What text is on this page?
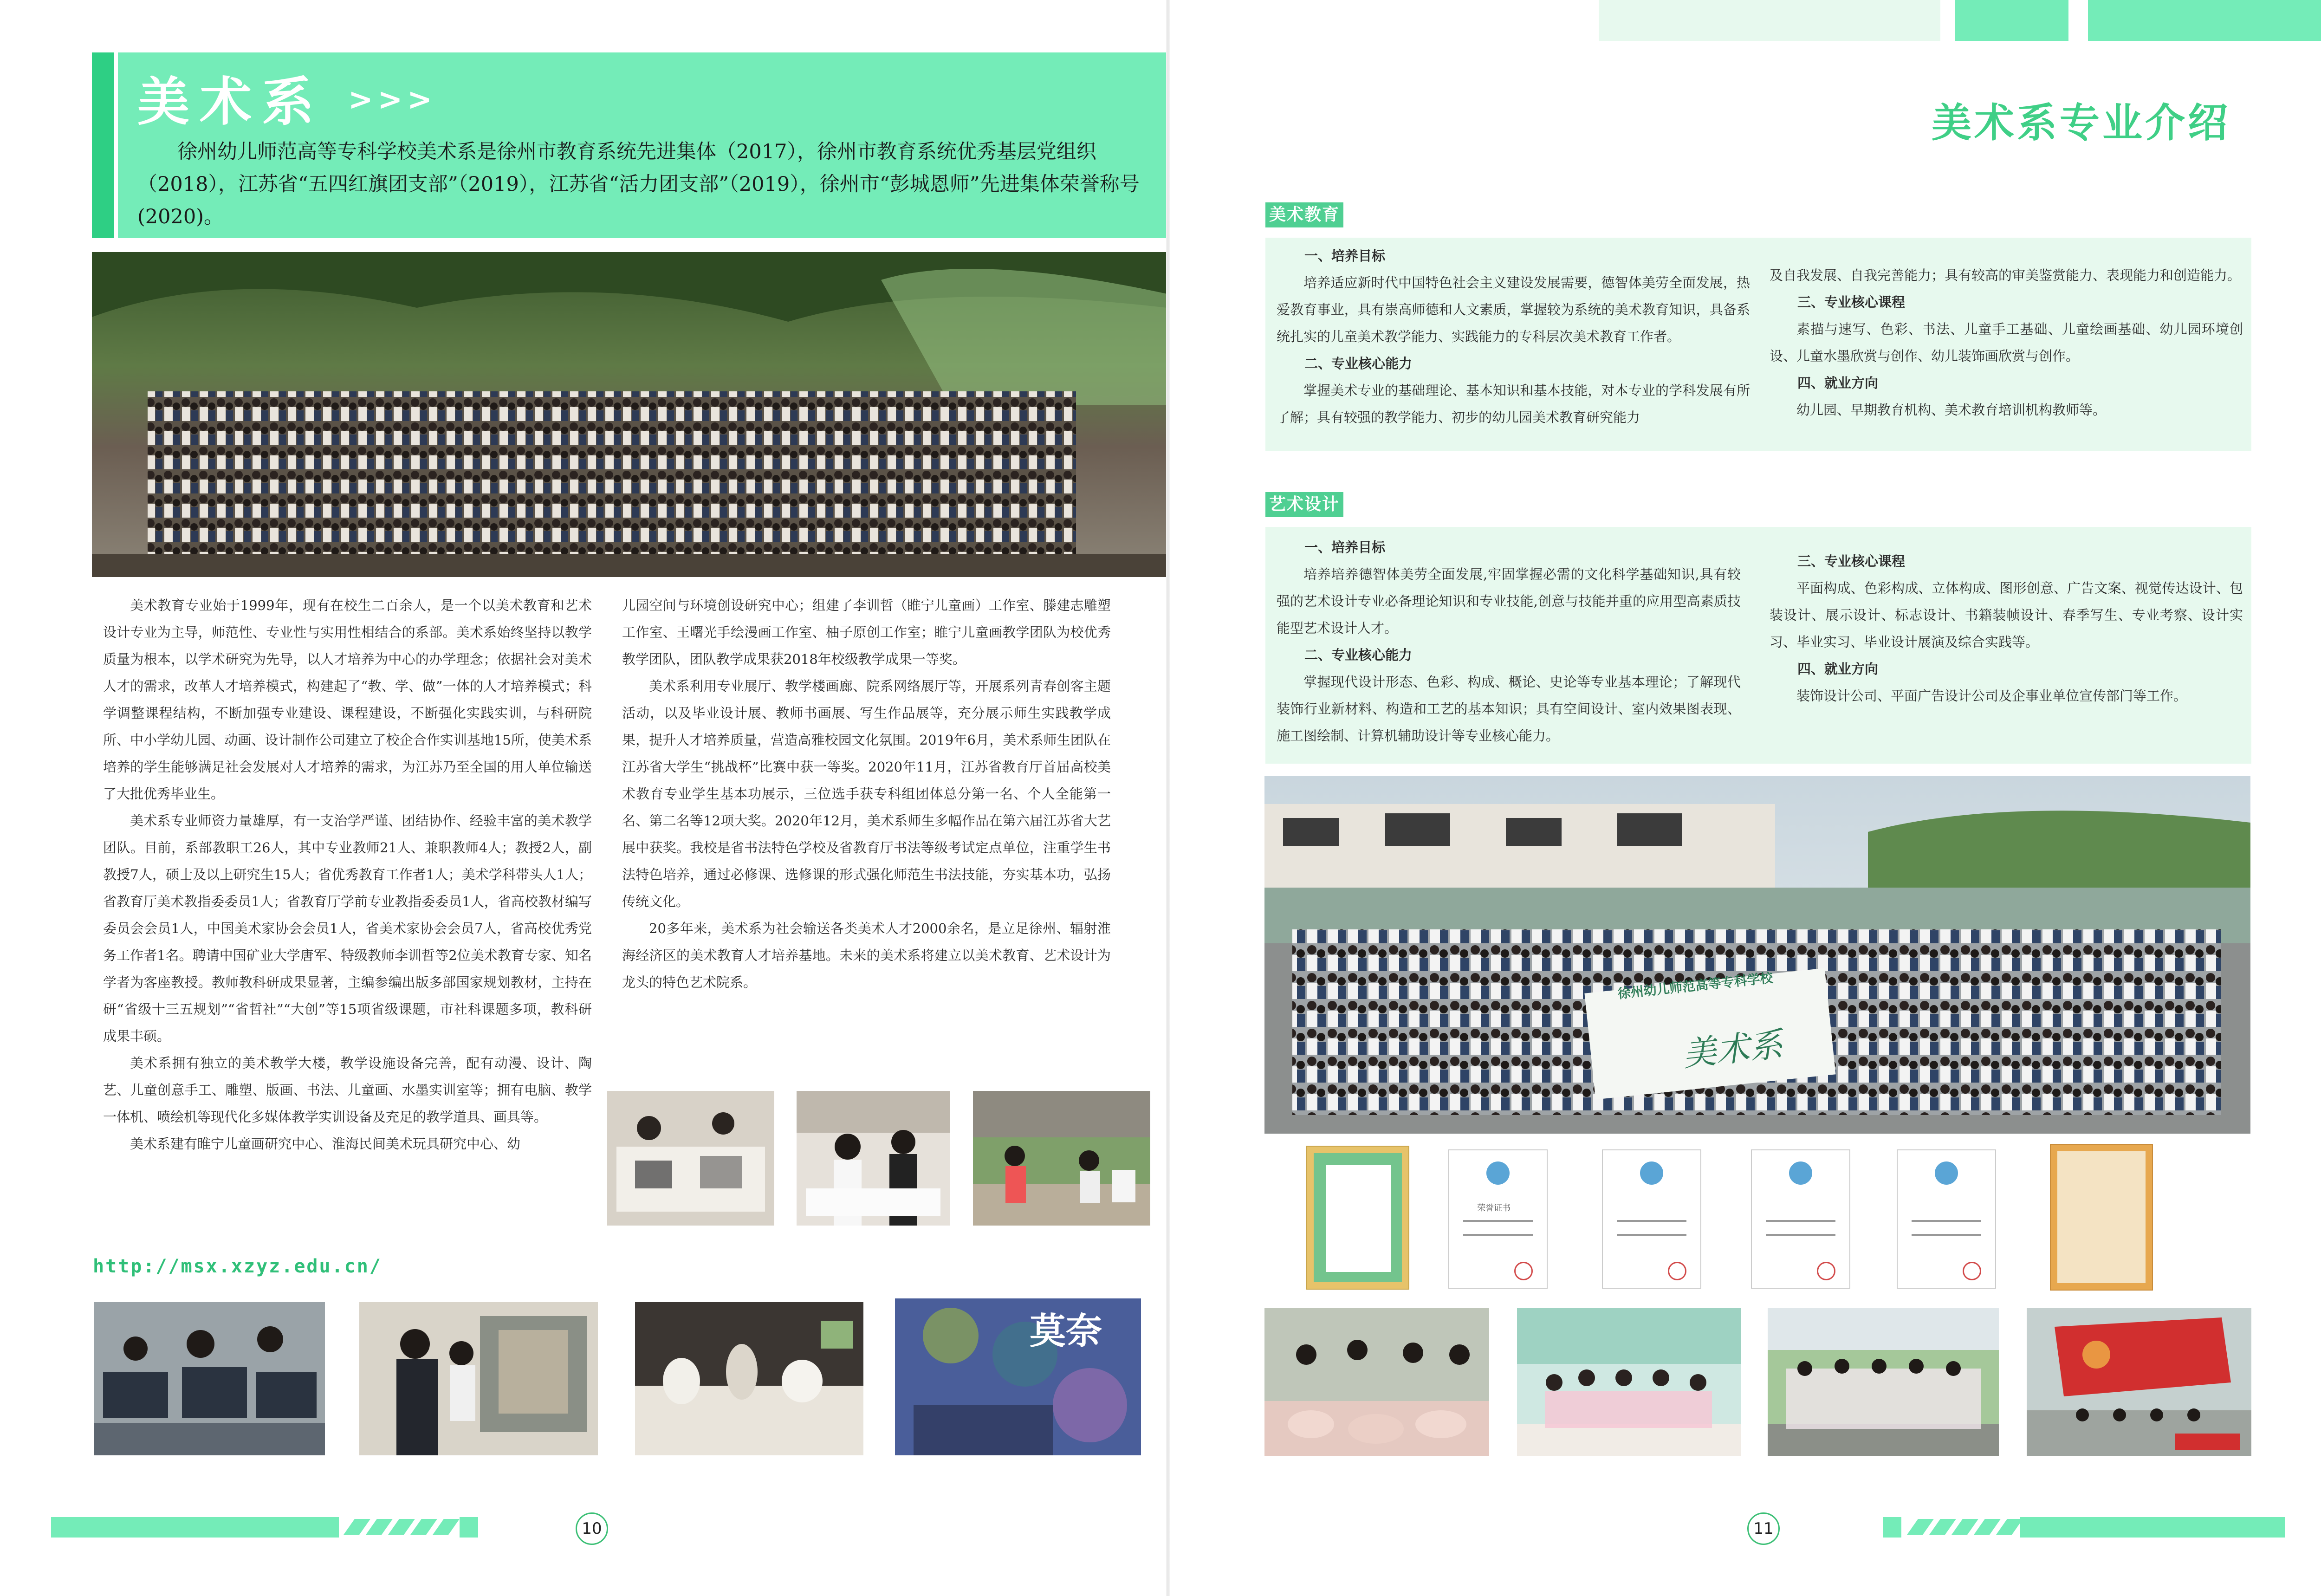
美术系 >>>
徐州幼儿师范高等专科学校美术系是徐州市教育系统先进集体（2017），徐州市教育系统优秀基层党组织（2018），江苏省“五四红旗团支部”（2019），江苏省“活力团支部”（2019），徐州市“彭城恩师”先进集体荣誉称号(2020)。

美术教育专业始于1999年，现有在校生二百余人，是一个以美术教育和艺术设计专业为主导，师范性、专业性与实用性相结合的系部。美术系始终坚持以教学质量为根本，以学术研究为先导，以人才培养为中心的办学理念；依据社会对美术人才的需求，改革人才培养模式，构建起了“教、学、做”一体的人才培养模式；科学调整课程结构，不断加强专业建设、课程建设，不断强化实践实训，与科研院所、中小学幼儿园、动画、设计制作公司建立了校企合作实训基地15所，使美术系培养的学生能够满足社会发展对人才培养的需求，为江苏乃至全国的用人单位输送了大批优秀毕业生。

美术系专业师资力量雄厚，有一支治学严谨、团结协作、经验丰富的美术教学团队。目前，系部教职工26人，其中专业教师21人、兼职教师4人；教授2人，副教授7人，硕士及以上研究生15人；省优秀教育工作者1人；美术学科带头人1人；省教育厅美术教指委委员1人；省教育厅学前专业教指委委员1人，省高校教材编写委员会会员1人，中国美术家协会会员1人，省美术家协会会员7人，省高校优秀党务工作者1名。聘请中国矿业大学唐军、特级教师李训哲等2位美术教育专家、知名学者为客座教授。教师教科研成果显著，主编参编出版多部国家规划教材，主持在研“省级十三五规划”“省哲社”“大创”等15项省级课题，市社科课题多项，教科研成果丰硕。

美术系拥有独立的美术教学大楼，教学设施设备完善，配有动漫、设计、陶艺、儿童创意手工、雕塑、版画、书法、儿童画、水墨实训室等；拥有电脑、教学一体机、喷绘机等现代化多媒体教学实训设备及充足的教学道具、画具等。

美术系建有睢宁儿童画研究中心、淮海民间美术玩具研究中心、幼

儿园空间与环境创设研究中心；组建了李训哲（睢宁儿童画）工作室、滕建志雕塑工作室、王曙光手绘漫画工作室、柚子原创工作室；睢宁儿童画教学团队为校优秀教学团队，团队教学成果获2018年校级教学成果一等奖。

美术系利用专业展厅、教学楼画廊、院系网络展厅等，开展系列青春创客主题活动，以及毕业设计展、教师书画展、写生作品展等，充分展示师生实践教学成果，提升人才培养质量，营造高雅校园文化氛围。2019年6月，美术系师生团队在江苏省大学生“挑战杯”比赛中获一等奖。2020年11月，江苏省教育厅首届高校美术教育专业学生基本功展示，三位选手获专科组团体总分第一名、个人全能第一名、第二名等12项大奖。2020年12月，美术系师生多幅作品在第六届江苏省大艺展中获奖。我校是省书法特色学校及省教育厅书法等级考试定点单位，注重学生书法特色培养，通过必修课、选修课的形式强化师范生书法技能，夯实基本功，弘扬传统文化。

20多年来，美术系为社会输送各类美术人才2000余名，是立足徐州、辐射淮海经济区的美术教育人才培养基地。未来的美术系将建立以美术教育、艺术设计为龙头的特色艺术院系。

http://msx.xzyz.edu.cn/
莫奈
10
美术系专业介绍
美术教育
一、培养目标
培养适应新时代中国特色社会主义建设发展需要，德智体美劳全面发展，热爱教育事业，具有崇高师德和人文素质，掌握较为系统的美术教育知识，具备系统扎实的儿童美术教学能力、实践能力的专科层次美术教育工作者。
二、专业核心能力
掌握美术专业的基础理论、基本知识和基本技能，对本专业的学科发展有所了解；具有较强的教学能力、初步的幼儿园美术教育研究能力
及自我发展、自我完善能力；具有较高的审美鉴赏能力、表现能力和创造能力。
三、专业核心课程
素描与速写、色彩、书法、儿童手工基础、儿童绘画基础、幼儿园环境创设、儿童水墨欣赏与创作、幼儿装饰画欣赏与创作。
四、就业方向
幼儿园、早期教育机构、美术教育培训机构教师等。
艺术设计
一、培养目标
培养培养德智体美劳全面发展,牢固掌握必需的文化科学基础知识,具有较强的艺术设计专业必备理论知识和专业技能,创意与技能并重的应用型高素质技能型艺术设计人才。
二、专业核心能力
掌握现代设计形态、色彩、构成、概论、史论等专业基本理论；了解现代装饰行业新材料、构造和工艺的基本知识；具有空间设计、室内效果图表现、施工图绘制、计算机辅助设计等专业核心能力。
三、专业核心课程
平面构成、色彩构成、立体构成、图形创意、广告文案、视觉传达设计、包装设计、展示设计、标志设计、书籍装帧设计、春季写生、专业考察、设计实习、毕业实习、毕业设计展演及综合实践等。
四、就业方向
装饰设计公司、平面广告设计公司及企事业单位宣传部门等工作。
徐州幼儿师范高等专科学校
美术系
荣誉证书
11
